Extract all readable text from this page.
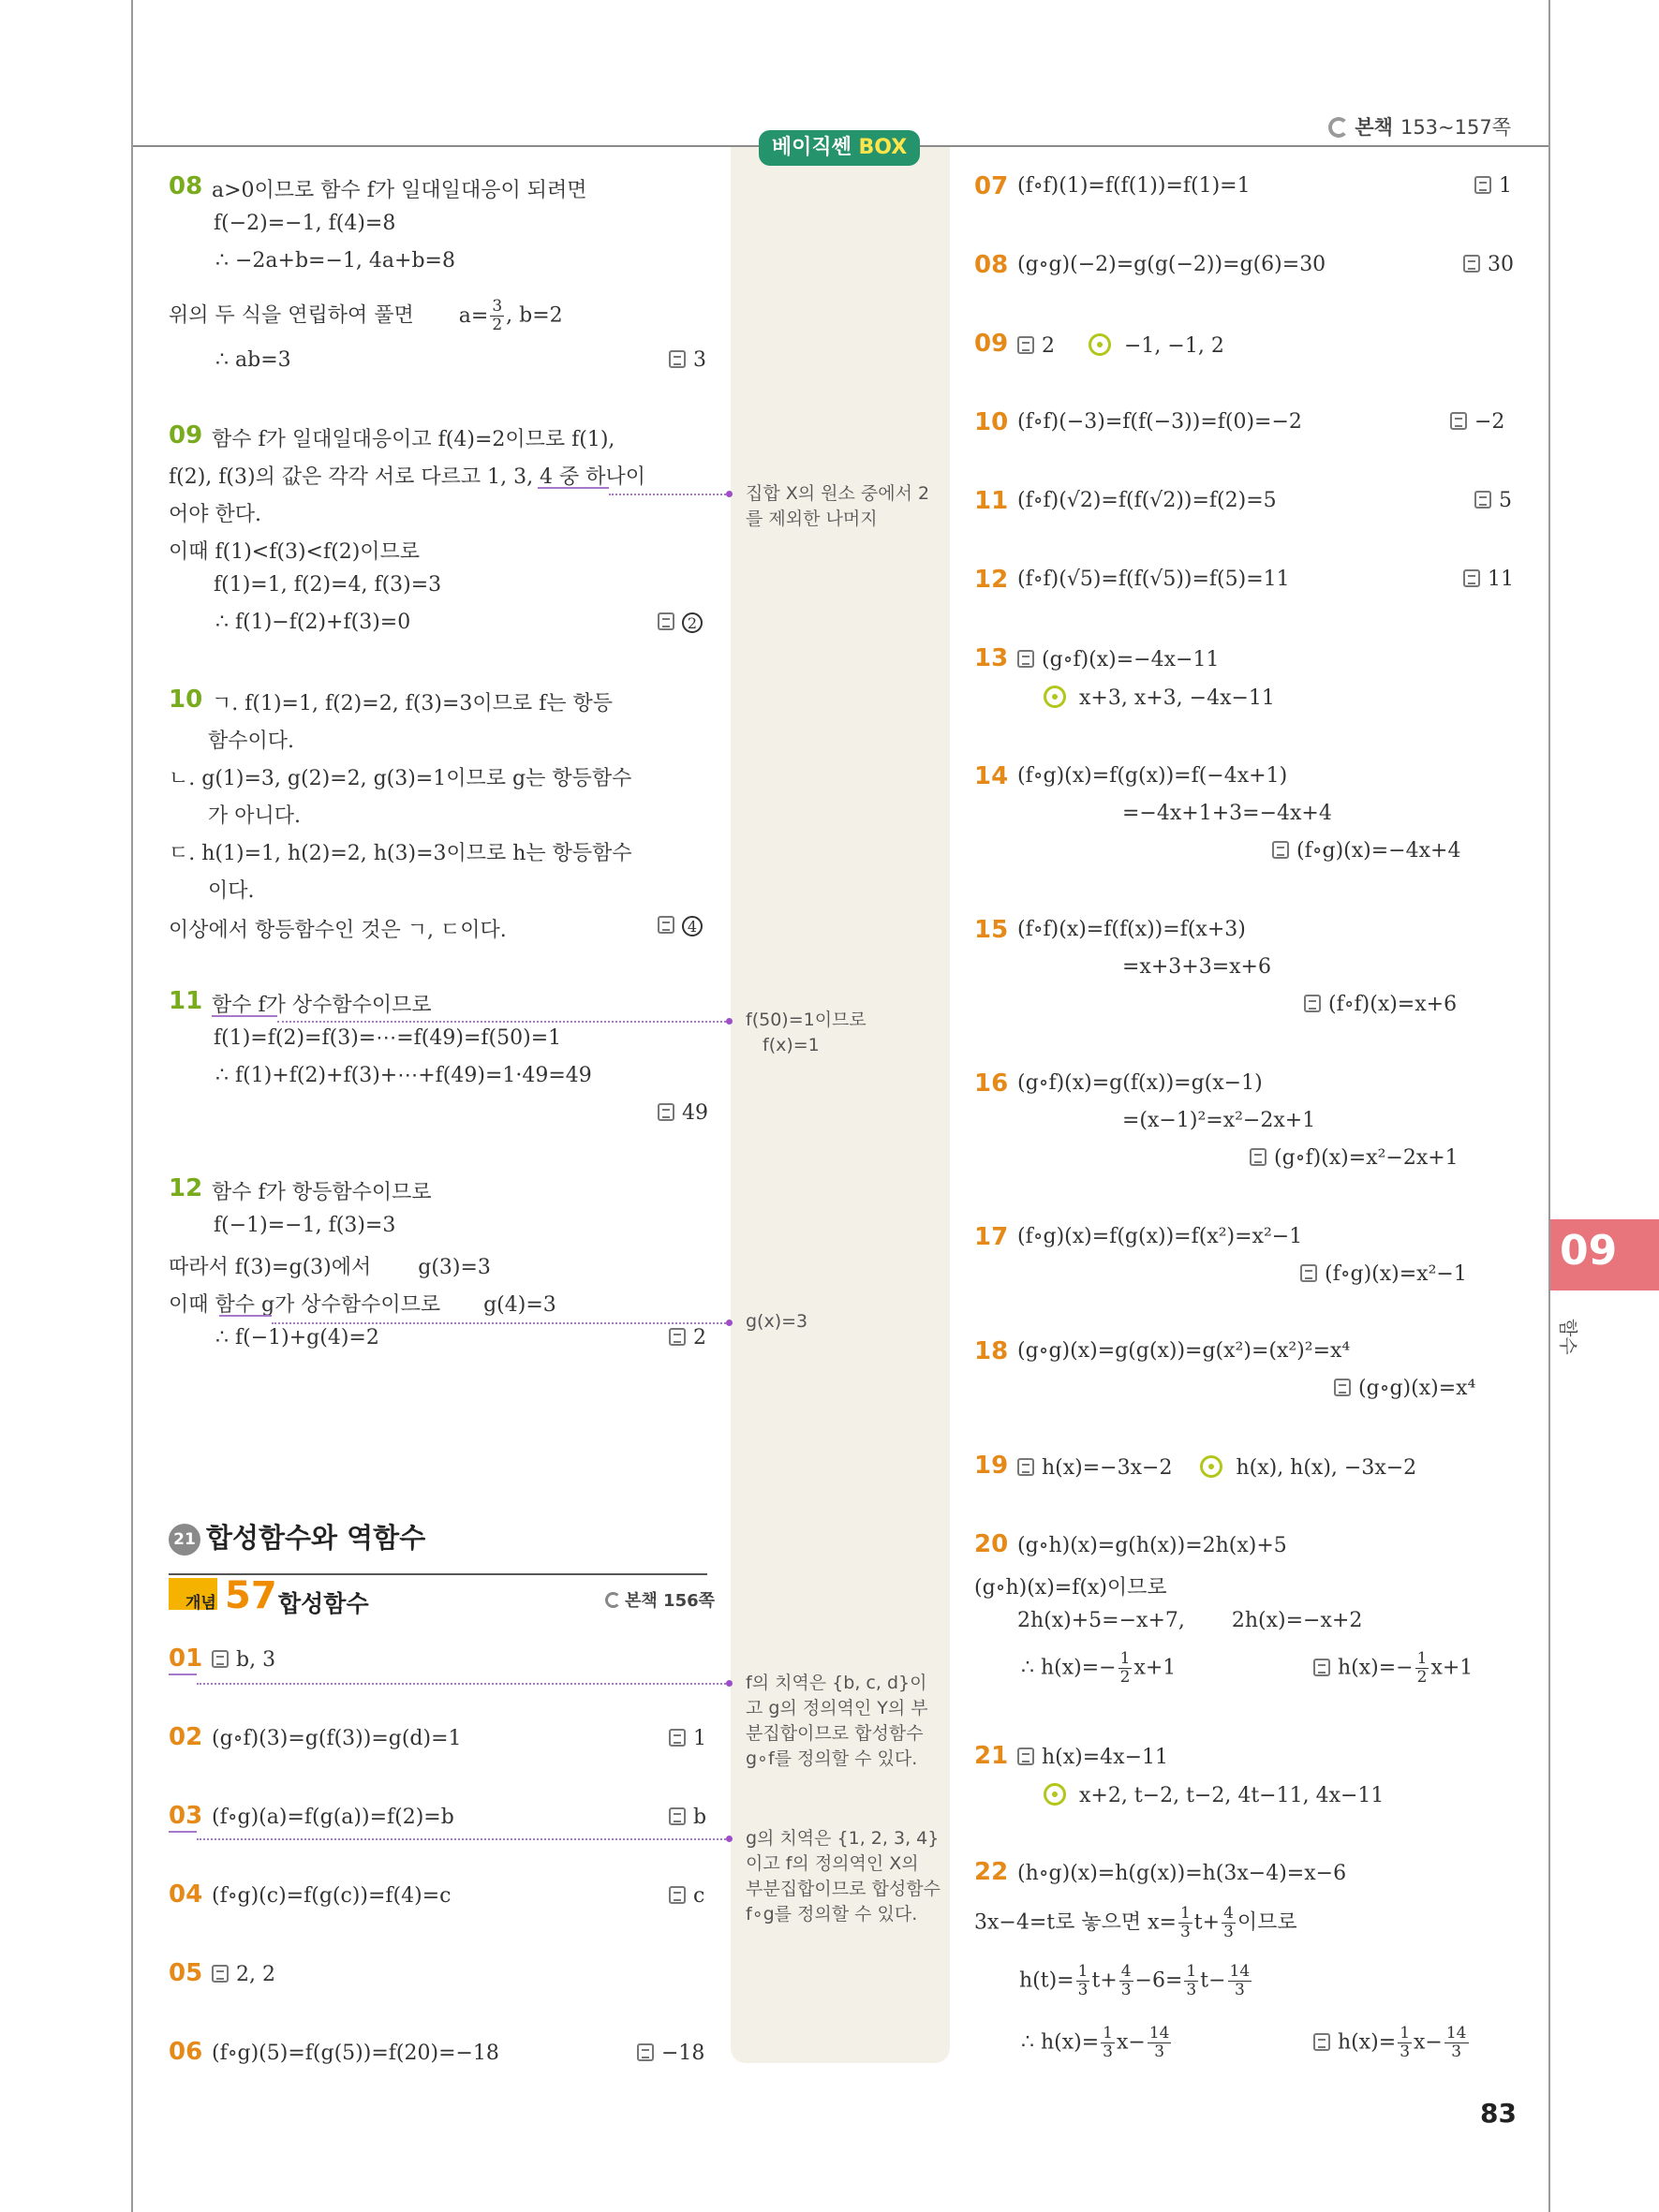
본책 153~157쪽
베이직쎈 BOX
08 a>0이므로 함수 f가 일대일대응이 되려면
f(−2)=−1, f(4)=8
∴ −2a+b=−1, 4a+b=8
위의 두 식을 연립하여 풀면 $a= \frac{3}{2}$ , b=2
∴ ab=3	3
09 함수 f가 일대일대응이고 f(4)=2이므로 f(1),
f(2), f(3)의 값은 각각 서로 다르고 1, 3, 4 중 하나이
어야 한다.
이때 f(1)<f(3)<f(2)이므로
f(1)=1, f(2)=4, f(3)=3
∴ f(1)−f(2)+f(3)=0	2
10 ㄱ. f(1)=1, f(2)=2, f(3)=3이므로 f는 항등
함수이다.
ㄴ. g(1)=3, g(2)=2, g(3)=1이므로 g는 항등함수
가 아니다.
ㄷ. h(1)=1, h(2)=2, h(3)=3이므로 h는 항등함수
이다.
이상에서 항등함수인 것은 ㄱ, ㄷ이다.	4
11 함수 f가 상수함수이므로
f(1)=f(2)=f(3)=⋯=f(49)=f(50)=1
∴ f(1)+f(2)+f(3)+⋯+f(49)=1·49=49
49
12 함수 f가 항등함수이므로
f(−1)=−1, f(3)=3
따라서 f(3)=g(3)에서 g(3)=3
이때 함수 g가 상수함수이므로 g(4)=3
∴ f(−1)+g(4)=2	2
21 합성함수와 역함수
개념 57 합성함수	본책 156쪽
01	b, 3
02 (g∘f)(3)=g(f(3))=g(d)=1	1
03 (f∘g)(a)=f(g(a))=f(2)=b	b
04 (f∘g)(c)=f(g(c))=f(4)=c	c
05	2, 2
06 (f∘g)(5)=f(g(5))=f(20)=−18	−18
집합 X의 원소 중에서 2
를 제외한 나머지
f(50)=1이므로
f(x)=1
g(x)=3
f의 치역은 {b, c, d}이
고 g의 정의역인 Y의 부
분집합이므로 합성함수
g∘f를 정의할 수 있다.
g의 치역은 {1, 2, 3, 4}
이고 f의 정의역인 X의
부분집합이므로 합성함수
f∘g를 정의할 수 있다.
07 (f∘f)(1)=f(f(1))=f(1)=1	1
08 (g∘g)(−2)=g(g(−2))=g(6)=30	30
09	2	−1, −1, 2
10 (f∘f)(−3)=f(f(−3))=f(0)=−2	−2
11 (f∘f)(√2)=f(f(√2))=f(2)=5	5
12 (f∘f)(√5)=f(f(√5))=f(5)=11	11
13	(g∘f)(x)=−4x−11
x+3, x+3, −4x−11
14 (f∘g)(x)=f(g(x))=f(−4x+1)
=−4x+1+3=−4x+4
(f∘g)(x)=−4x+4
15 (f∘f)(x)=f(f(x))=f(x+3)
=x+3+3=x+6
(f∘f)(x)=x+6
16 (g∘f)(x)=g(f(x))=g(x−1)
=(x−1)²=x²−2x+1
(g∘f)(x)=x²−2x+1
17 (f∘g)(x)=f(g(x))=f(x²)=x²−1
(f∘g)(x)=x²−1
18 (g∘g)(x)=g(g(x))=g(x²)=(x²)²=x⁴
(g∘g)(x)=x⁴
19	h(x)=−3x−2	h(x), h(x), −3x−2
20 (g∘h)(x)=g(h(x))=2h(x)+5
(g∘h)(x)=f(x)이므로
2h(x)+5=−x+7, 2h(x)=−x+2
∴ $h(x)=- \frac{1}{2} x+1$	$h(x)=- \frac{1}{2} x+1$
21	h(x)=4x−11
x+2, t−2, t−2, 4t−11, 4x−11
22 (h∘g)(x)=h(g(x))=h(3x−4)=x−6
3x−4=t로 놓으면 $x= \frac{1}{3} t+ \frac{4}{3}$ 이므로
$h(t)= \frac{1}{3} t+ \frac{4}{3} -6= \frac{1}{3} t- \frac{14}{3}$
∴ $h(x)= \frac{1}{3} x- \frac{14}{3}$	$h(x)= \frac{1}{3} x- \frac{14}{3}$
09
함수
83
